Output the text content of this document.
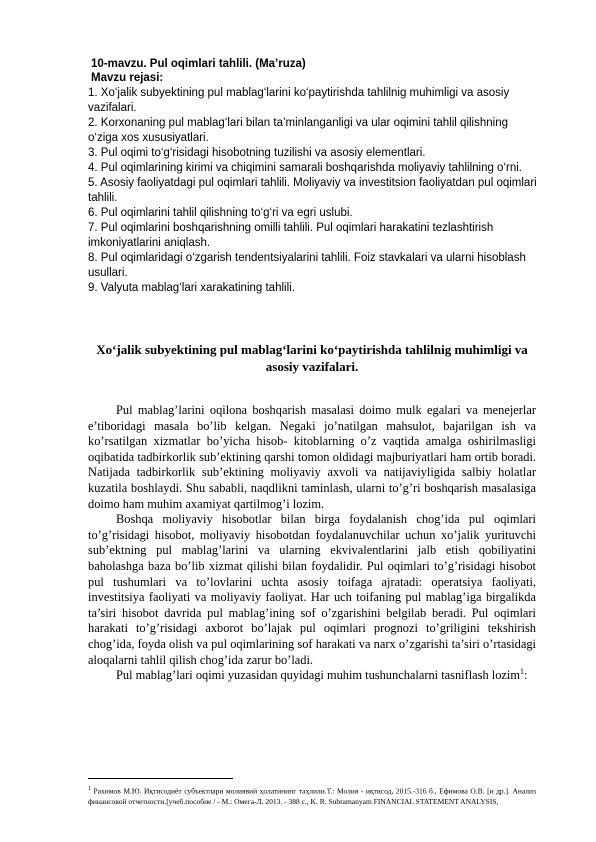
10-mavzu. Pul oqimlari tahlili. (Ma’ruza)
Mavzu rejasi:
1. Xo‘jalik subyektining pul mablag‘larini ko‘paytirishda tahlilnig muhimligi va asosiy vazifalari.
2. Korxonaning pul mablag‘lari bilan ta’minlanganligi va ular oqimini tahlil qilishning o‘ziga xos xususiyatlari.
3. Pul oqimi to‘g‘risidagi hisobotning tuzilishi va asosiy elementlari.
4. Pul oqimlarining kirimi va chiqimini samarali boshqarishda moliyaviy tahlilning o‘rni.
5. Asosiy faoliyatdagi pul oqimlari tahlili. Moliyaviy va investitsion faoliyatdan pul oqimlari tahlili.
6. Pul oqimlarini tahlil qilishning to‘g‘ri va egri uslubi.
7. Pul oqimlarini boshqarishning omilli tahlili. Pul oqimlari harakatini tezlashtirish imkoniyatlarini aniqlash.
8. Pul oqimlaridagi o‘zgarish tendentsiyalarini tahlili. Foiz stavkalari va ularni hisoblash usullari.
9. Valyuta mablag‘lari xarakatining tahlili.
Xo‘jalik subyektining pul mablag‘larini ko‘paytirishda tahlilnig muhimligi va asosiy vazifalari.

Pul mablag’larini oqilona boshqarish masalasi doimo mulk egalari va menejerlar e’tiboridagi masala bo’lib kelgan. Negaki jo’natilgan mahsulot, bajarilgan ish va ko’rsatilgan xizmatlar bo’yicha hisob- kitoblarning o’z vaqtida amalga oshirilmasligi oqibatida tadbirkorlik sub’ektining qarshi tomon oldidagi majburiyatlari ham ortib boradi. Natijada tadbirkorlik sub’ektining moliyaviy axvoli va natijaviyligida salbiy holatlar kuzatila boshlaydi. Shu sababli, naqdlikni taminlash, ularni to’g’ri boshqarish masalasiga doimo ham muhim axamiyat qartilmog’i lozim.

Boshqa moliyaviy hisobotlar bilan birga foydalanish chog’ida pul oqimlari to’g’risidagi hisobot, moliyaviy hisobotdan foydalanuvchilar uchun xo’jalik yurituvchi sub’ektning pul mablag’larini va ularning ekvivalentlarini jalb etish qobiliyatini baholashga baza bo’lib xizmat qilishi bilan foydalidir. Pul oqimlari to’g’risidagi hisobot pul tushumlari va to’lovlarini uchta asosiy toifaga ajratadi: operatsiya faoliyati, investitsiya faoliyati va moliyaviy faoliyat. Har uch toifaning pul mablag’iga birgalikda ta’siri hisobot davrida pul mablag’ining sof o’zgarishini belgilab beradi. Pul oqimlari harakati to’g’risidagi axborot bo’lajak pul oqimlari prognozi to’griligini tekshirish chog’ida, foyda olish va pul oqimlarining sof harakati va narx o’zgarishi ta’siri o’rtasidagi aloqalarni tahlil qilish chog’ida zarur bo’ladi.

Pul mablag’lari oqimi yuzasidan quyidagi muhim tushunchalarni tasniflash lozim$^1$:

$^1$ Рахимов М.Ю. Иқтисодиёт субъектлари молиявий ҳолатининг таҳлили.Т.: Молия - иқтисод, 2015.-316 б., Ефимова О.В. [и др.]. Анализ финансовой отчетности.[учеб.пособие / - М.: Омега-Л, 2013. - 388 с., K. R. Subramanyam FINANCIAL STATEMENT ANALYSIS,
